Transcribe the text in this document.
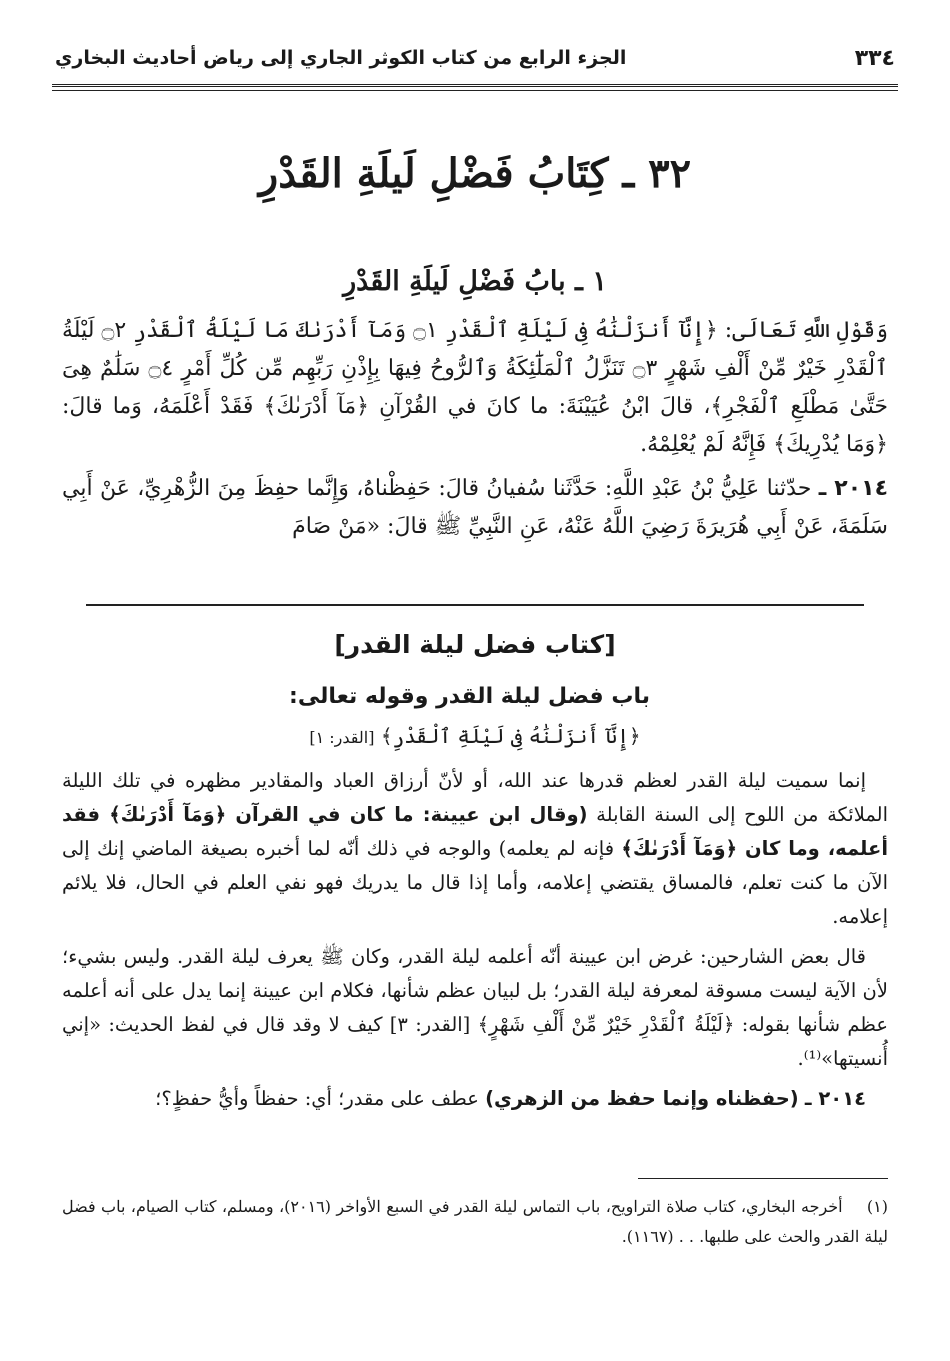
٣٣٤
الجزء الرابع من كتاب الكوثر الجاري إلى رياض أحاديث البخاري
٣٢ ـ كِتَابُ فَضْلِ لَيلَةِ القَدْرِ
١ ـ بابُ فَضْلِ لَيلَةِ القَدْرِ

وَقَوْلِ اللَّهِ تَعَالَى: ﴿إِنَّآ أَنزَلْنَٰهُ فِى لَيْلَةِ ٱلْقَدْرِ ۝١ وَمَآ أَدْرَىٰكَ مَا لَيْلَةُ ٱلْقَدْرِ ۝٢ لَيْلَةُ ٱلْقَدْرِ خَيْرٌ مِّنْ أَلْفِ شَهْرٍ ۝٣ تَنَزَّلُ ٱلْمَلَٰٓئِكَةُ وَٱلرُّوحُ فِيهَا بِإِذْنِ رَبِّهِم مِّن كُلِّ أَمْرٍ ۝٤ سَلَٰمٌ هِىَ حَتَّىٰ مَطْلَعِ ٱلْفَجْرِ﴾، قالَ ابْنُ عُيَيْنَةَ: ما كانَ في القُرْآنِ ﴿مَآ أَدْرَىٰكَ﴾ فَقَدْ أَعْلَمَهُ، وَما قالَ: ﴿وَمَا يُدْرِيكَ﴾ فَإِنَّهُ لَمْ يُعْلِمْهُ.

٢٠١٤ ـ حدّثنا عَلِيُّ بْنُ عَبْدِ اللَّهِ: حَدَّثَنا سُفيانُ قالَ: حَفِظْناهُ، وَإِنَّما حفِظَ مِنَ الزُّهْرِيِّ، عَنْ أَبِي سَلَمَةَ، عَنْ أَبِي هُرَيرَةَ رَضِيَ اللَّهُ عَنْهُ، عَنِ النَّبِيِّ ﷺ قالَ: «مَنْ صَامَ

[كتاب فضل ليلة القدر]
باب فضل ليلة القدر وقوله تعالى:
﴿إِنَّآ أَنزَلْنَٰهُ فِى لَيْلَةِ ٱلْقَدْرِ﴾ [القدر: ١]

إنما سميت ليلة القدر لعظم قدرها عند الله، أو لأنّ أرزاق العباد والمقادير مظهره في تلك الليلة الملائكة من اللوح إلى السنة القابلة (وقال ابن عيينة: ما كان في القرآن ﴿وَمَآ أَدْرَىٰكَ﴾ فقد أعلمه، وما كان ﴿وَمَآ أَدْرَىٰكَ﴾ فإنه لم يعلمه) والوجه في ذلك أنّه لما أخبره بصيغة الماضي إنك إلى الآن ما كنت تعلم، فالمساق يقتضي إعلامه، وأما إذا قال ما يدريك فهو نفي العلم في الحال، فلا يلائم إعلامه.

قال بعض الشارحين: غرض ابن عيينة أنّه أعلمه ليلة القدر، وكان ﷺ يعرف ليلة القدر. وليس بشيء؛ لأن الآية ليست مسوقة لمعرفة ليلة القدر؛ بل لبيان عظم شأنها، فكلام ابن عيينة إنما يدل على أنه أعلمه عظم شأنها بقوله: ﴿لَيْلَةُ ٱلْقَدْرِ خَيْرٌ مِّنْ أَلْفِ شَهْرٍ﴾ [القدر: ٣] كيف لا وقد قال في لفظ الحديث: «إني أُنسيتها»⁽¹⁾.

٢٠١٤ ـ (حفظناه وإنما حفظ من الزهري) عطف على مقدر؛ أي: حفظاً وأيُّ حفظٍ؟؛

(١) أخرجه البخاري، كتاب صلاة التراويح، باب التماس ليلة القدر في السبع الأواخر (٢٠١٦)، ومسلم، كتاب الصيام، باب فضل ليلة القدر والحث على طلبها. . . (١١٦٧).
